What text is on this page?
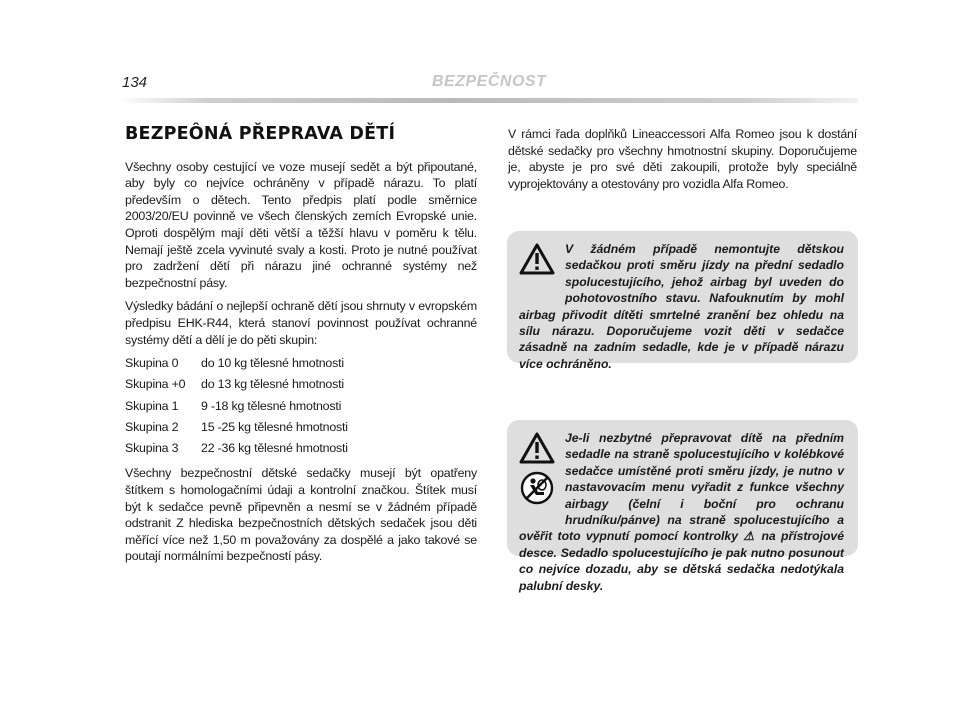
134	BEZPEČNOST
BEZPEÔNÁ PŘEPRAVA DĚTÍ

Všechny osoby cestující ve voze musejí sedět a být připoutané, aby byly co nejvíce ochráněny v případě nárazu. To platí především o dětech. Tento předpis platí podle směrnice 2003/20/EU povinně ve všech členských zemích Evropské unie. Oproti dospělým mají děti větší a těžší hlavu v poměru k tělu. Nemají ještě zcela vyvinuté svaly a kosti. Proto je nutné používat pro zadržení dětí při nárazu jiné ochranné systémy než bezpečnostní pásy.

Výsledky bádání o nejlepší ochraně dětí jsou shrnuty v evropském předpisu EHK-R44, která stanoví povinnost používat ochranné systémy dětí a dělí je do pěti skupin:

Skupina 0	do 10 kg tělesné hmotnosti
Skupina +0	do 13 kg tělesné hmotnosti
Skupina 1	9 -18 kg tělesné hmotnosti
Skupina 2	15 -25 kg tělesné hmotnosti
Skupina 3	22 -36 kg tělesné hmotnosti

Všechny bezpečnostní dětské sedačky musejí být opatřeny štítkem s homologačními údaji a kontrolní značkou. Štítek musí být k sedačce pevně připevněn a nesmí se v žádném případě odstranit Z hlediska bezpečnostních dětských sedaček jsou děti měřící více než 1,50 m považovány za dospělé a jako takové se poutají normálními bezpečností pásy.

V rámci řada doplňků Lineaccessori Alfa Romeo jsou k dostání dětské sedačky pro všechny hmotnostní skupiny. Doporučujeme je, abyste je pro své děti zakoupili, protože byly speciálně vyprojektovány a otestovány pro vozidla Alfa Romeo.

V žádném případě nemontujte dětskou sedačkou proti směru jízdy na přední sedadlo spolucestujícího, jehož airbag byl uveden do pohotovostního stavu. Nafouknutím by mohl airbag přivodit dítěti smrtelné zranění bez ohledu na sílu nárazu. Doporučujeme vozit děti v sedačce zásadně na zadním sedadle, kde je v případě nárazu více ochráněno.
Je-li nezbytné přepravovat dítě na předním sedadle na straně spolucestujícího v kolébkové sedačce umístěné proti směru jízdy, je nutno v nastavovacím menu vyřadit z funkce všechny airbagy (čelní i boční pro ochranu hrudníku/pánve) na straně spolucestujícího a ověřit toto vypnutí pomocí kontrolky ⚠ na přístrojové desce. Sedadlo spolucestujícího je pak nutno posunout co nejvíce dozadu, aby se dětská sedačka nedotýkala palubní desky.
